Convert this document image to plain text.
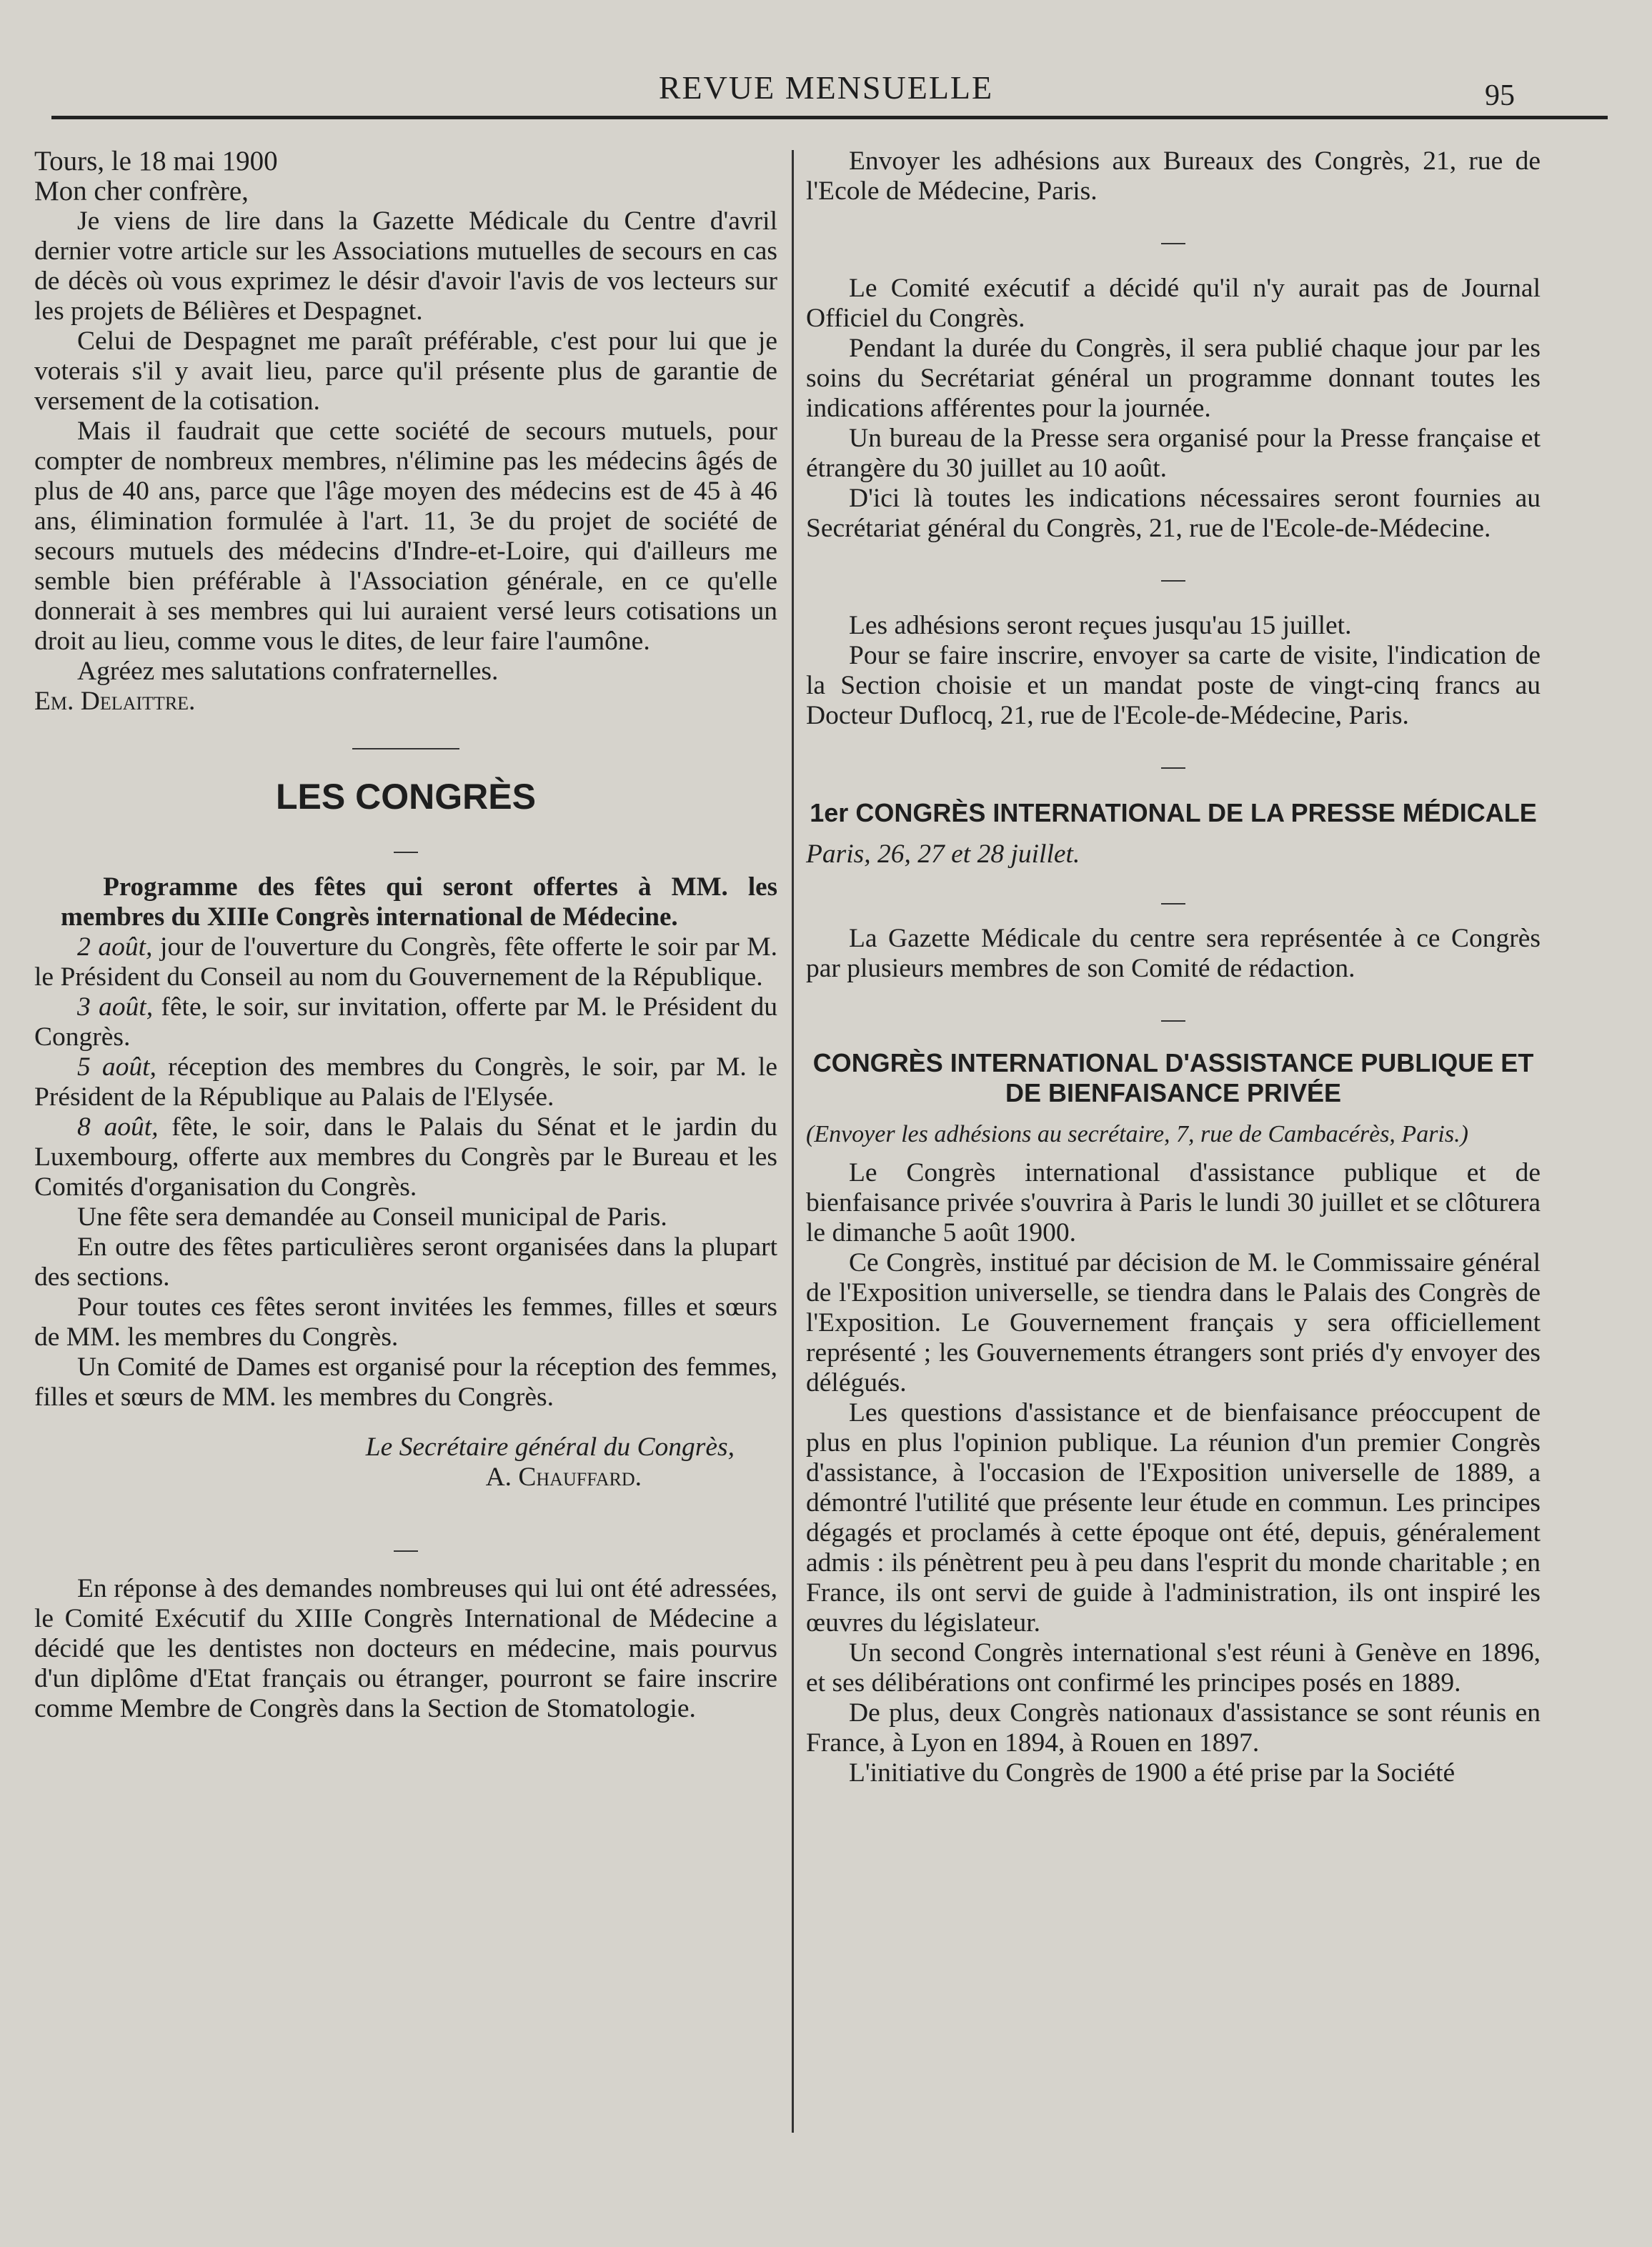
REVUE MENSUELLE	95

Tours, le 18 mai 1900

Mon cher confrère,

Je viens de lire dans la Gazette Médicale du Centre d'avril dernier votre article sur les Associations mutuelles de secours en cas de décès où vous exprimez le désir d'avoir l'avis de vos lecteurs sur les projets de Bélières et Despagnet.

Celui de Despagnet me paraît préférable, c'est pour lui que je voterais s'il y avait lieu, parce qu'il présente plus de garantie de versement de la cotisation.

Mais il faudrait que cette société de secours mutuels, pour compter de nombreux membres, n'élimine pas les médecins âgés de plus de 40 ans, parce que l'âge moyen des médecins est de 45 à 46 ans, élimination formulée à l'art. 11, 3e du projet de société de secours mutuels des médecins d'Indre-et-Loire, qui d'ailleurs me semble bien préférable à l'Association générale, en ce qu'elle donnerait à ses membres qui lui auraient versé leurs cotisations un droit au lieu, comme vous le dites, de leur faire l'aumône.

Agréez mes salutations confraternelles.

Em. Delaittre.

LES CONGRÈS

Programme des fêtes qui seront offertes à MM. les membres du XIIIe Congrès international de Médecine.

2 août, jour de l'ouverture du Congrès, fête offerte le soir par M. le Président du Conseil au nom du Gouvernement de la République.

3 août, fête, le soir, sur invitation, offerte par M. le Président du Congrès.

5 août, réception des membres du Congrès, le soir, par M. le Président de la République au Palais de l'Elysée.

8 août, fête, le soir, dans le Palais du Sénat et le jardin du Luxembourg, offerte aux membres du Congrès par le Bureau et les Comités d'organisation du Congrès.

Une fête sera demandée au Conseil municipal de Paris.

En outre des fêtes particulières seront organisées dans la plupart des sections.

Pour toutes ces fêtes seront invitées les femmes, filles et sœurs de MM. les membres du Congrès.

Un Comité de Dames est organisé pour la réception des femmes, filles et sœurs de MM. les membres du Congrès.

Le Secrétaire général du Congrès,

A. Chauffard.

En réponse à des demandes nombreuses qui lui ont été adressées, le Comité Exécutif du XIIIe Congrès International de Médecine a décidé que les dentistes non docteurs en médecine, mais pourvus d'un diplôme d'Etat français ou étranger, pourront se faire inscrire comme Membre de Congrès dans la Section de Stomatologie.

Envoyer les adhésions aux Bureaux des Congrès, 21, rue de l'Ecole de Médecine, Paris.

Le Comité exécutif a décidé qu'il n'y aurait pas de Journal Officiel du Congrès.

Pendant la durée du Congrès, il sera publié chaque jour par les soins du Secrétariat général un programme donnant toutes les indications afférentes pour la journée.

Un bureau de la Presse sera organisé pour la Presse française et étrangère du 30 juillet au 10 août.

D'ici là toutes les indications nécessaires seront fournies au Secrétariat général du Congrès, 21, rue de l'Ecole-de-Médecine.

Les adhésions seront reçues jusqu'au 15 juillet.

Pour se faire inscrire, envoyer sa carte de visite, l'indication de la Section choisie et un mandat poste de vingt-cinq francs au Docteur Duflocq, 21, rue de l'Ecole-de-Médecine, Paris.

1er CONGRÈS INTERNATIONAL DE LA PRESSE MÉDICALE

Paris, 26, 27 et 28 juillet.

La Gazette Médicale du centre sera représentée à ce Congrès par plusieurs membres de son Comité de rédaction.

CONGRÈS INTERNATIONAL D'ASSISTANCE PUBLIQUE ET DE BIENFAISANCE PRIVÉE

(Envoyer les adhésions au secrétaire, 7, rue de Cambacérès, Paris.)

Le Congrès international d'assistance publique et de bienfaisance privée s'ouvrira à Paris le lundi 30 juillet et se clôturera le dimanche 5 août 1900.

Ce Congrès, institué par décision de M. le Commissaire général de l'Exposition universelle, se tiendra dans le Palais des Congrès de l'Exposition. Le Gouvernement français y sera officiellement représenté ; les Gouvernements étrangers sont priés d'y envoyer des délégués.

Les questions d'assistance et de bienfaisance préoccupent de plus en plus l'opinion publique. La réunion d'un premier Congrès d'assistance, à l'occasion de l'Exposition universelle de 1889, a démontré l'utilité que présente leur étude en commun. Les principes dégagés et proclamés à cette époque ont été, depuis, généralement admis : ils pénètrent peu à peu dans l'esprit du monde charitable ; en France, ils ont servi de guide à l'administration, ils ont inspiré les œuvres du législateur.

Un second Congrès international s'est réuni à Genève en 1896, et ses délibérations ont confirmé les principes posés en 1889.

De plus, deux Congrès nationaux d'assistance se sont réunis en France, à Lyon en 1894, à Rouen en 1897.

L'initiative du Congrès de 1900 a été prise par la Société
